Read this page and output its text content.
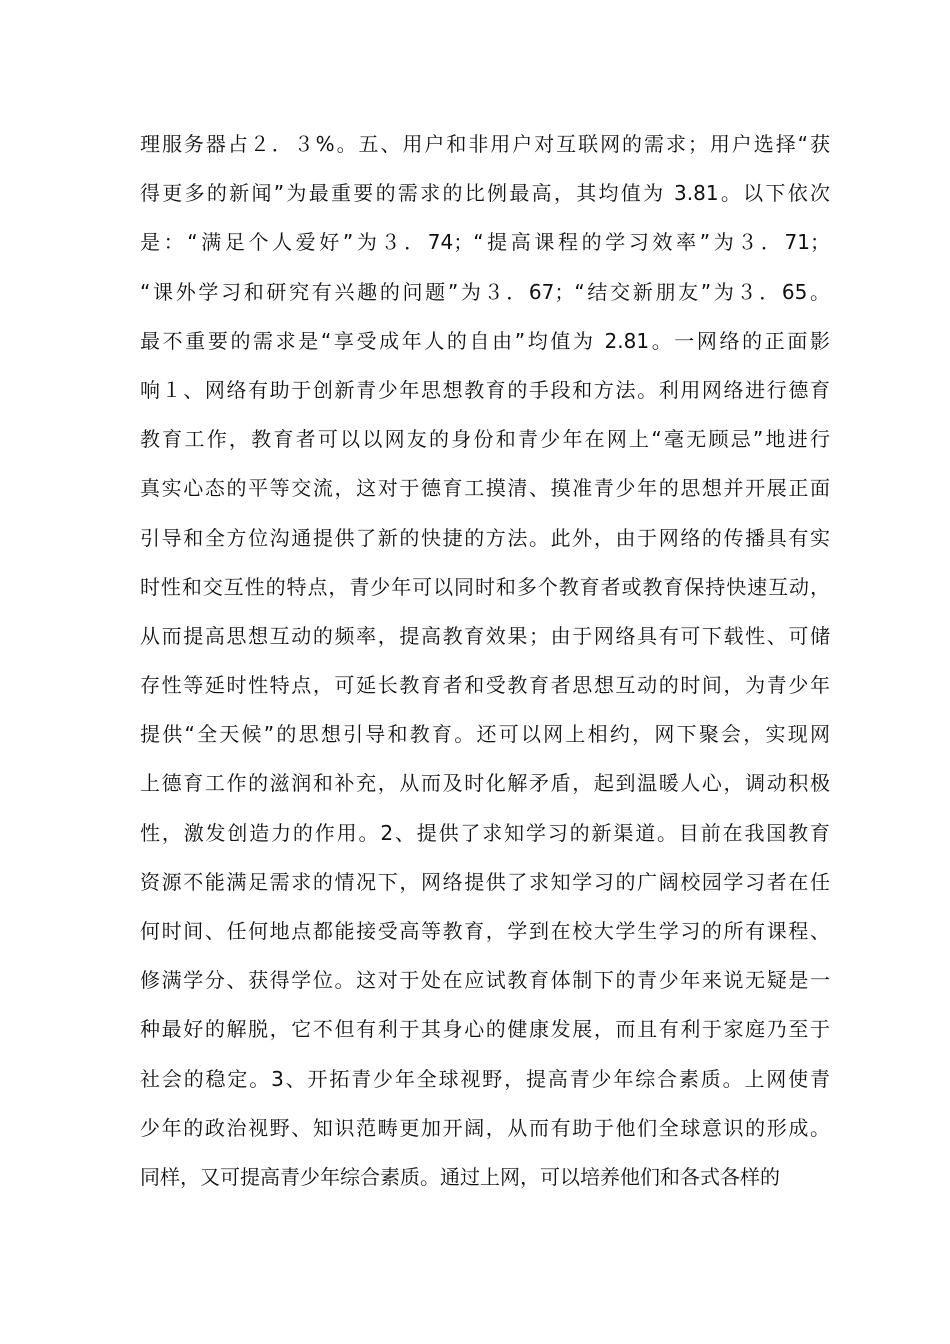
理服务器占２．３%。五、用户和非用户对互联网的需求；用户选择“获
得更多的新闻”为最重要的需求的比例最高，其均值为 3.81。以下依次
是：“满足个人爱好”为３．74；“提高课程的学习效率”为３．71；
“课外学习和研究有兴趣的问题”为３．67；“结交新朋友”为３．65。
最不重要的需求是“享受成年人的自由”均值为 2.81。一网络的正面影
响１、网络有助于创新青少年思想教育的手段和方法。利用网络进行德育
教育工作，教育者可以以网友的身份和青少年在网上“毫无顾忌”地进行
真实心态的平等交流，这对于德育工摸清、摸准青少年的思想并开展正面
引导和全方位沟通提供了新的快捷的方法。此外，由于网络的传播具有实
时性和交互性的特点，青少年可以同时和多个教育者或教育保持快速互动，
从而提高思想互动的频率，提高教育效果；由于网络具有可下载性、可储
存性等延时性特点，可延长教育者和受教育者思想互动的时间，为青少年
提供“全天候”的思想引导和教育。还可以网上相约，网下聚会，实现网
上德育工作的滋润和补充，从而及时化解矛盾，起到温暖人心，调动积极
性，激发创造力的作用。2、提供了求知学习的新渠道。目前在我国教育
资源不能满足需求的情况下，网络提供了求知学习的广阔校园学习者在任
何时间、任何地点都能接受高等教育，学到在校大学生学习的所有课程、
修满学分、获得学位。这对于处在应试教育体制下的青少年来说无疑是一
种最好的解脱，它不但有利于其身心的健康发展，而且有利于家庭乃至于
社会的稳定。3、开拓青少年全球视野，提高青少年综合素质。上网使青
少年的政治视野、知识范畴更加开阔，从而有助于他们全球意识的形成。
同样，又可提高青少年综合素质。通过上网，可以培养他们和各式各样的
